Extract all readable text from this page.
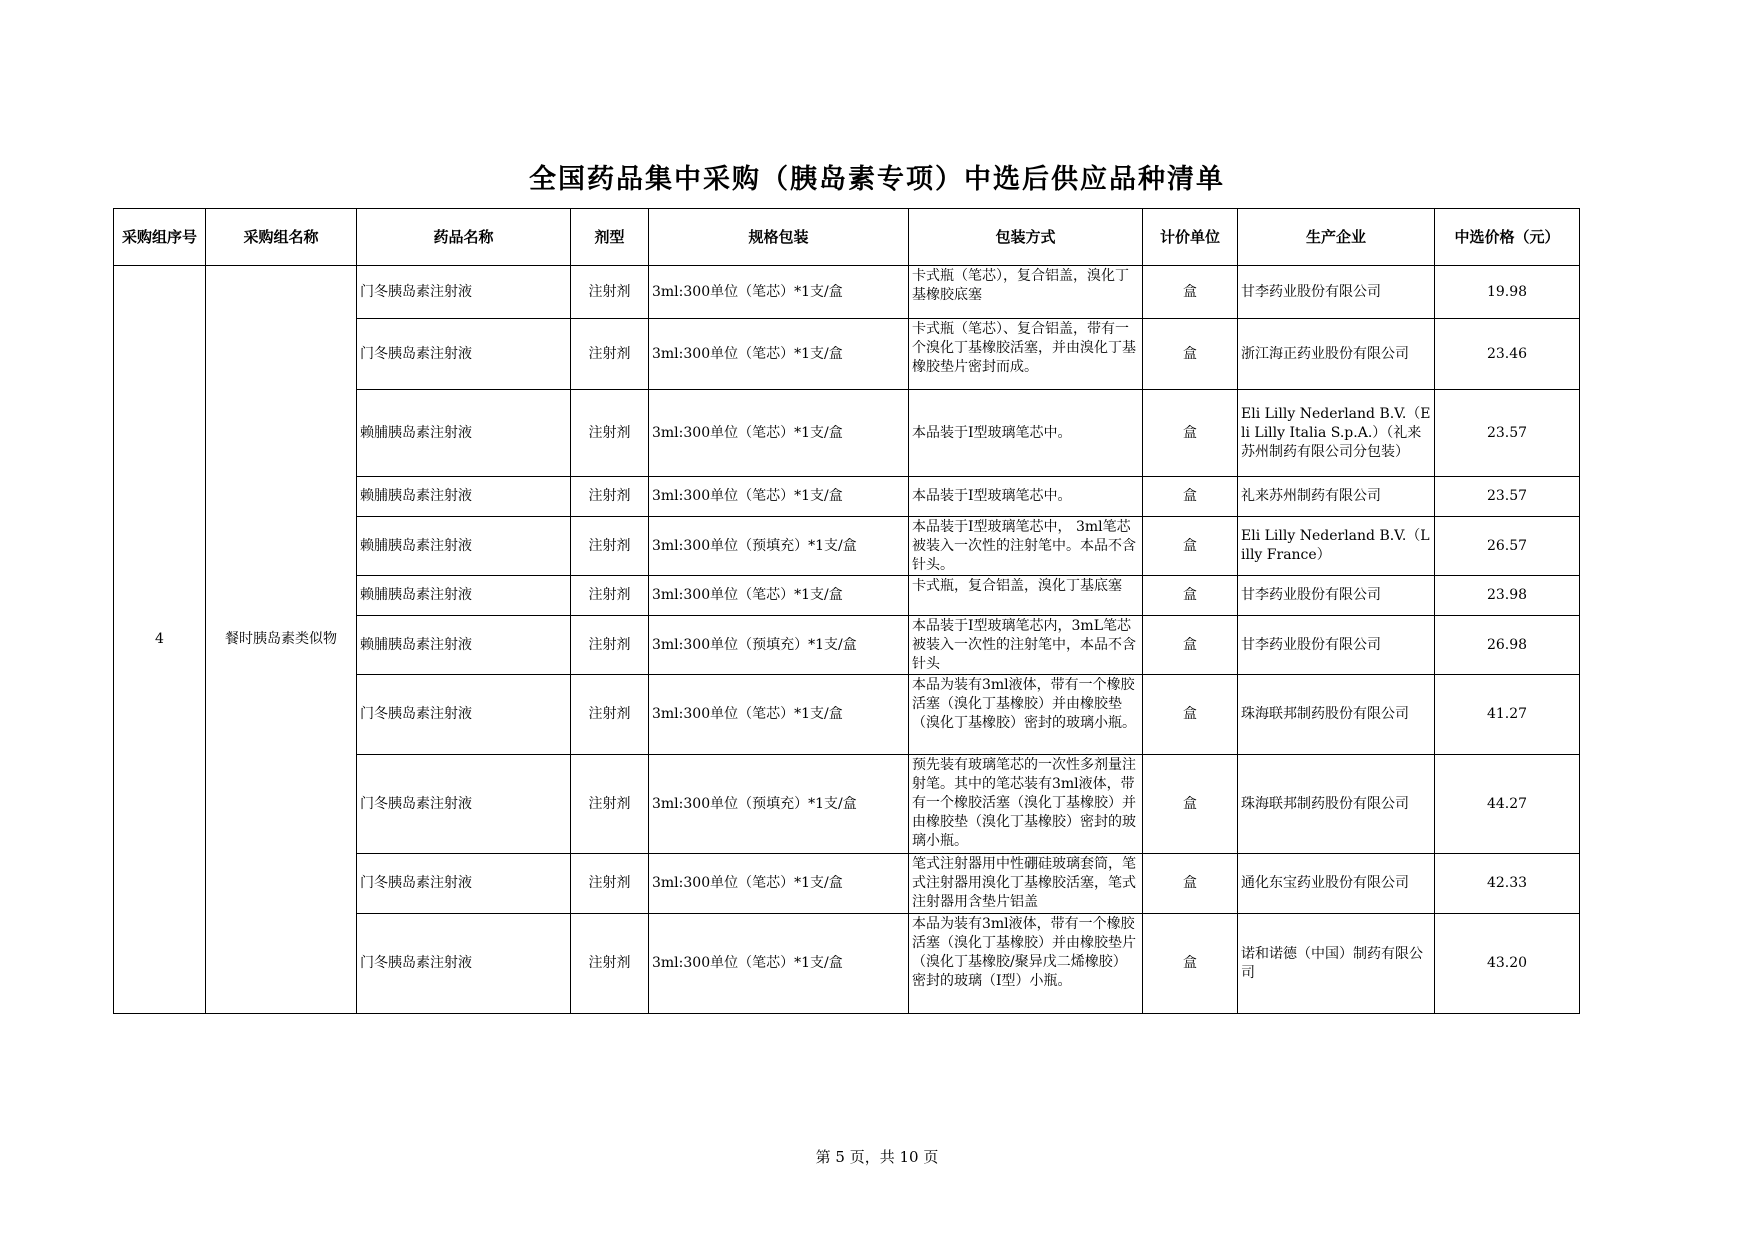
全国药品集中采购（胰岛素专项）中选后供应品种清单
采购组序号	采购组名称	药品名称	剂型	规格包装	包装方式	计价单位	生产企业	中选价格（元）
4	餐时胰岛素类似物	门冬胰岛素注射液	注射剂	3ml:300单位（笔芯）*1支/盒	卡式瓶（笔芯），复合铝盖，溴化丁基橡胶底塞	盒	甘李药业股份有限公司	19.98
		门冬胰岛素注射液	注射剂	3ml:300单位（笔芯）*1支/盒	卡式瓶（笔芯）、复合铝盖，带有一个溴化丁基橡胶活塞，并由溴化丁基橡胶垫片密封而成。	盒	浙江海正药业股份有限公司	23.46
		赖脯胰岛素注射液	注射剂	3ml:300单位（笔芯）*1支/盒	本品装于Ⅰ型玻璃笔芯中。	盒	Eli Lilly Nederland B.V.（Eli Lilly Italia S.p.A.）（礼来苏州制药有限公司分包装）	23.57
		赖脯胰岛素注射液	注射剂	3ml:300单位（笔芯）*1支/盒	本品装于Ⅰ型玻璃笔芯中。	盒	礼来苏州制药有限公司	23.57
		赖脯胰岛素注射液	注射剂	3ml:300单位（预填充）*1支/盒	本品装于Ⅰ型玻璃笔芯中， 3ml笔芯被装入一次性的注射笔中。本品不含针头。	盒	Eli Lilly Nederland B.V.（Lilly France）	26.57
		赖脯胰岛素注射液	注射剂	3ml:300单位（笔芯）*1支/盒	卡式瓶，复合铝盖，溴化丁基底塞	盒	甘李药业股份有限公司	23.98
		赖脯胰岛素注射液	注射剂	3ml:300单位（预填充）*1支/盒	本品装于Ⅰ型玻璃笔芯内，3mL笔芯被装入一次性的注射笔中，本品不含针头	盒	甘李药业股份有限公司	26.98
		门冬胰岛素注射液	注射剂	3ml:300单位（笔芯）*1支/盒	本品为装有3ml液体，带有一个橡胶活塞（溴化丁基橡胶）并由橡胶垫（溴化丁基橡胶）密封的玻璃小瓶。	盒	珠海联邦制药股份有限公司	41.27
		门冬胰岛素注射液	注射剂	3ml:300单位（预填充）*1支/盒	预先装有玻璃笔芯的一次性多剂量注射笔。其中的笔芯装有3ml液体，带有一个橡胶活塞（溴化丁基橡胶）并由橡胶垫（溴化丁基橡胶）密封的玻璃小瓶。	盒	珠海联邦制药股份有限公司	44.27
		门冬胰岛素注射液	注射剂	3ml:300单位（笔芯）*1支/盒	笔式注射器用中性硼硅玻璃套筒，笔式注射器用溴化丁基橡胶活塞，笔式注射器用含垫片铝盖	盒	通化东宝药业股份有限公司	42.33
		门冬胰岛素注射液	注射剂	3ml:300单位（笔芯）*1支/盒	本品为装有3ml液体，带有一个橡胶活塞（溴化丁基橡胶）并由橡胶垫片（溴化丁基橡胶/聚异戊二烯橡胶）密封的玻璃（Ⅰ型）小瓶。	盒	诺和诺德（中国）制药有限公司	43.20
第 5 页，共 10 页
